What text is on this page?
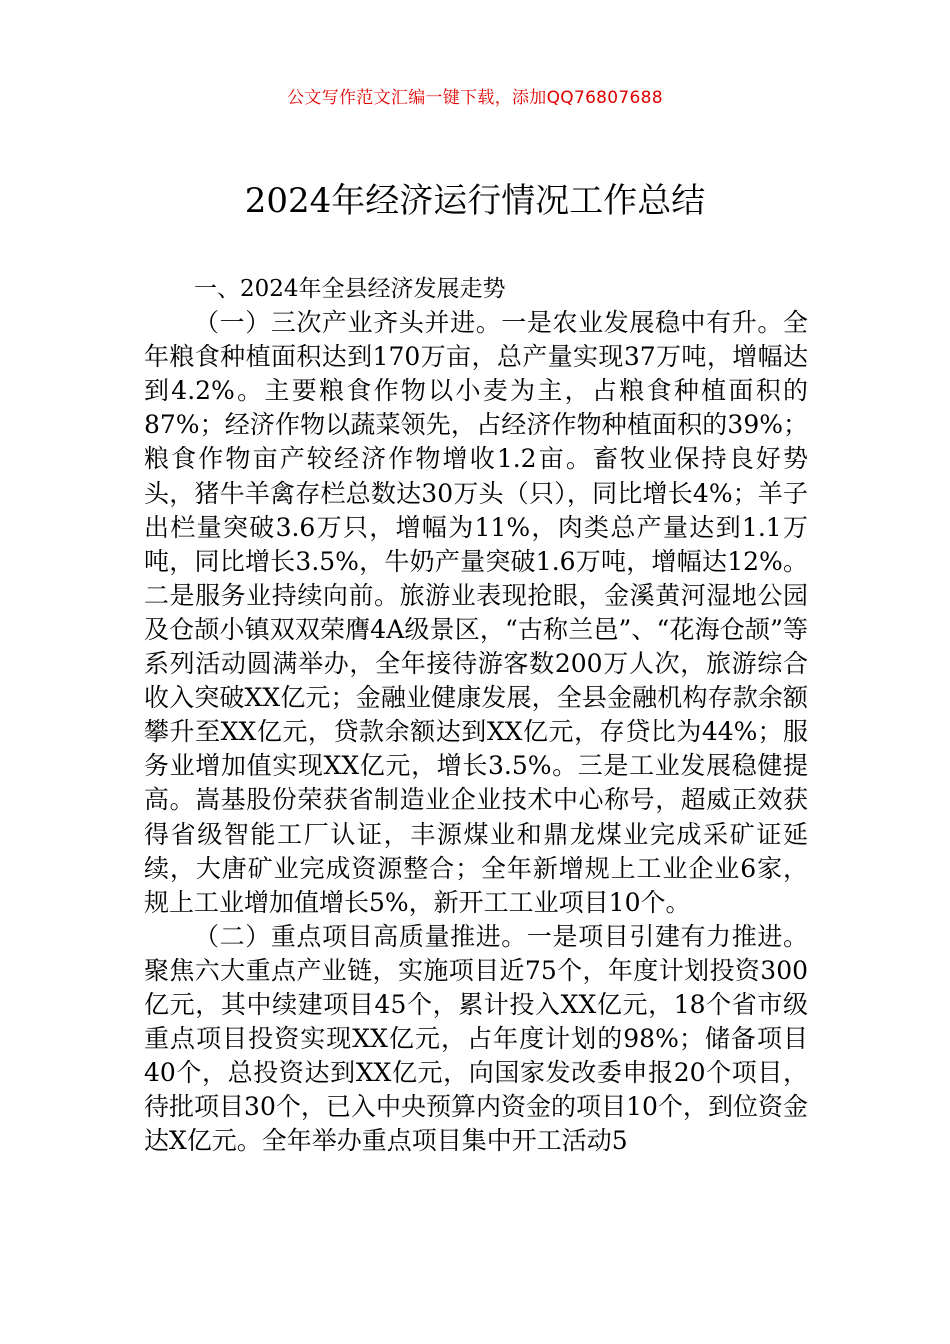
公文写作范文汇编一键下载，添加QQ76807688
2024年经济运行情况工作总结

一、2024年全县经济发展走势

（一）三次产业齐头并进。一是农业发展稳中有升。全年粮食种植面积达到170万亩，总产量实现37万吨，增幅达到4.2%。主要粮食作物以小麦为主，占粮食种植面积的87%；经济作物以蔬菜领先，占经济作物种植面积的39%；粮食作物亩产较经济作物增收1.2亩。畜牧业保持良好势头，猪牛羊禽存栏总数达30万头（只），同比增长4%；羊子出栏量突破3.6万只，增幅为11%，肉类总产量达到1.1万吨，同比增长3.5%，牛奶产量突破1.6万吨，增幅达12%。二是服务业持续向前。旅游业表现抢眼，金溪黄河湿地公园及仓颉小镇双双荣膺4A级景区，“古称兰邑”、“花海仓颉”等系列活动圆满举办，全年接待游客数200万人次，旅游综合收入突破XX亿元；金融业健康发展，全县金融机构存款余额攀升至XX亿元，贷款余额达到XX亿元，存贷比为44%；服务业增加值实现XX亿元，增长3.5%。三是工业发展稳健提高。嵩基股份荣获省制造业企业技术中心称号，超威正效获得省级智能工厂认证，丰源煤业和鼎龙煤业完成采矿证延续，大唐矿业完成资源整合；全年新增规上工业企业6家，规上工业增加值增长5%，新开工工业项目10个。

（二）重点项目高质量推进。一是项目引建有力推进。聚焦六大重点产业链，实施项目近75个，年度计划投资300亿元，其中续建项目45个，累计投入XX亿元，18个省市级重点项目投资实现XX亿元，占年度计划的98%；储备项目40个，总投资达到XX亿元，向国家发改委申报20个项目，待批项目30个，已入中央预算内资金的项目10个，到位资金达X亿元。全年举办重点项目集中开工活动5
